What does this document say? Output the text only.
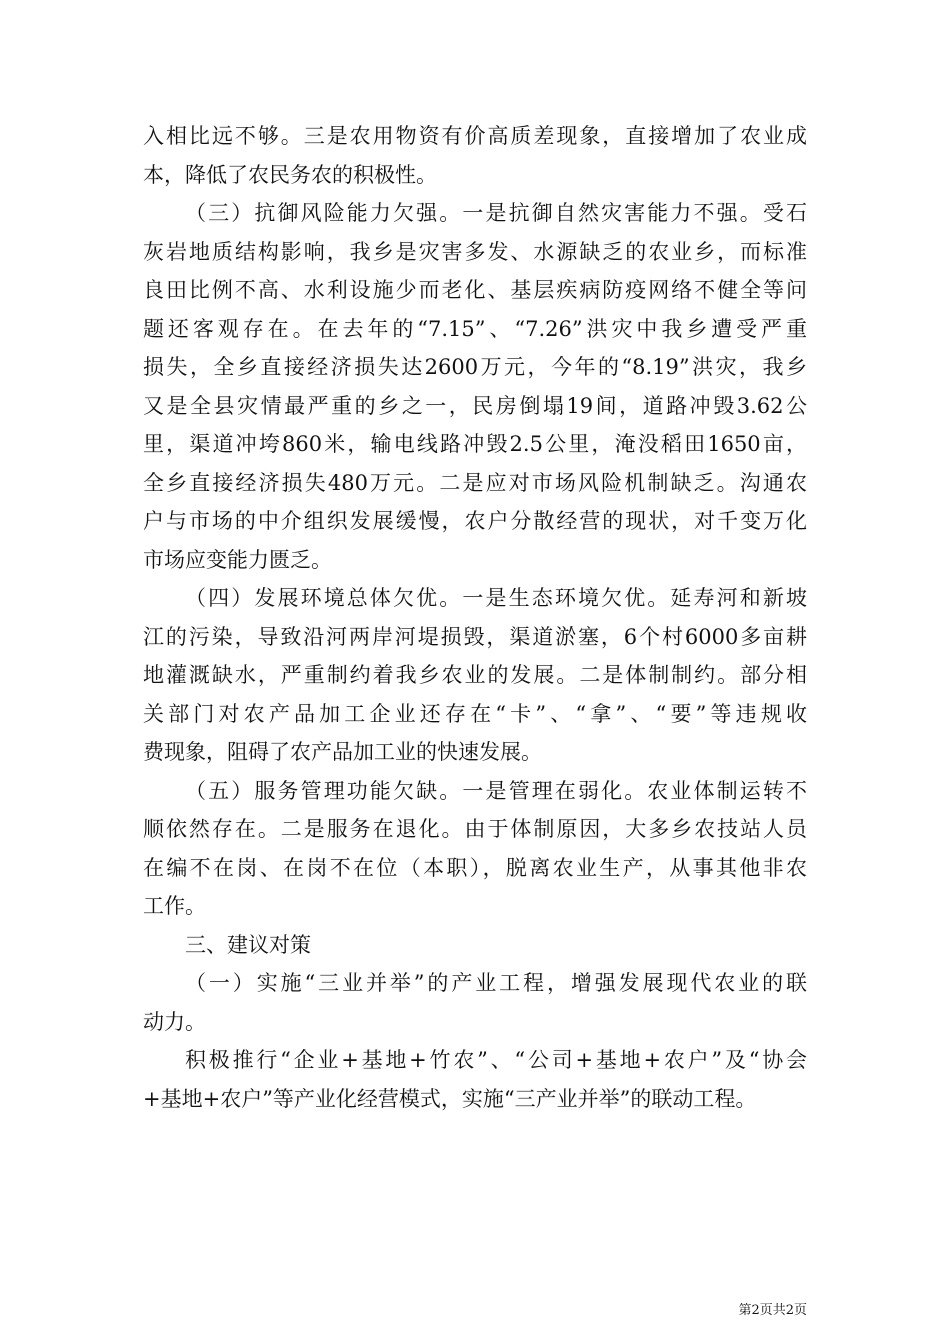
入相比远不够。三是农用物资有价高质差现象，直接增加了农业成
本，降低了农民务农的积极性。
（三）抗御风险能力欠强。一是抗御自然灾害能力不强。受石
灰岩地质结构影响，我乡是灾害多发、水源缺乏的农业乡，而标准
良田比例不高、水利设施少而老化、基层疾病防疫网络不健全等问
题还客观存在。在去年的“7.15”、“7.26”洪灾中我乡遭受严重
损失，全乡直接经济损失达2600万元，今年的“8.19”洪灾，我乡
又是全县灾情最严重的乡之一，民房倒塌19间，道路冲毁3.62公
里，渠道冲垮860米，输电线路冲毁2.5公里，淹没稻田1650亩，
全乡直接经济损失480万元。二是应对市场风险机制缺乏。沟通农
户与市场的中介组织发展缓慢，农户分散经营的现状，对千变万化
市场应变能力匮乏。
（四）发展环境总体欠优。一是生态环境欠优。延寿河和新坡
江的污染，导致沿河两岸河堤损毁，渠道淤塞，6个村6000多亩耕
地灌溉缺水，严重制约着我乡农业的发展。二是体制制约。部分相
关部门对农产品加工企业还存在“卡”、“拿”、“要”等违规收
费现象，阻碍了农产品加工业的快速发展。
（五）服务管理功能欠缺。一是管理在弱化。农业体制运转不
顺依然存在。二是服务在退化。由于体制原因，大多乡农技站人员
在编不在岗、在岗不在位（本职），脱离农业生产，从事其他非农
工作。
三、建议对策
（一）实施“三业并举”的产业工程，增强发展现代农业的联
动力。
积极推行“企业+基地+竹农”、“公司+基地+农户”及“协会
+基地+农户”等产业化经营模式，实施“三产业并举”的联动工程。
第2页共2页
